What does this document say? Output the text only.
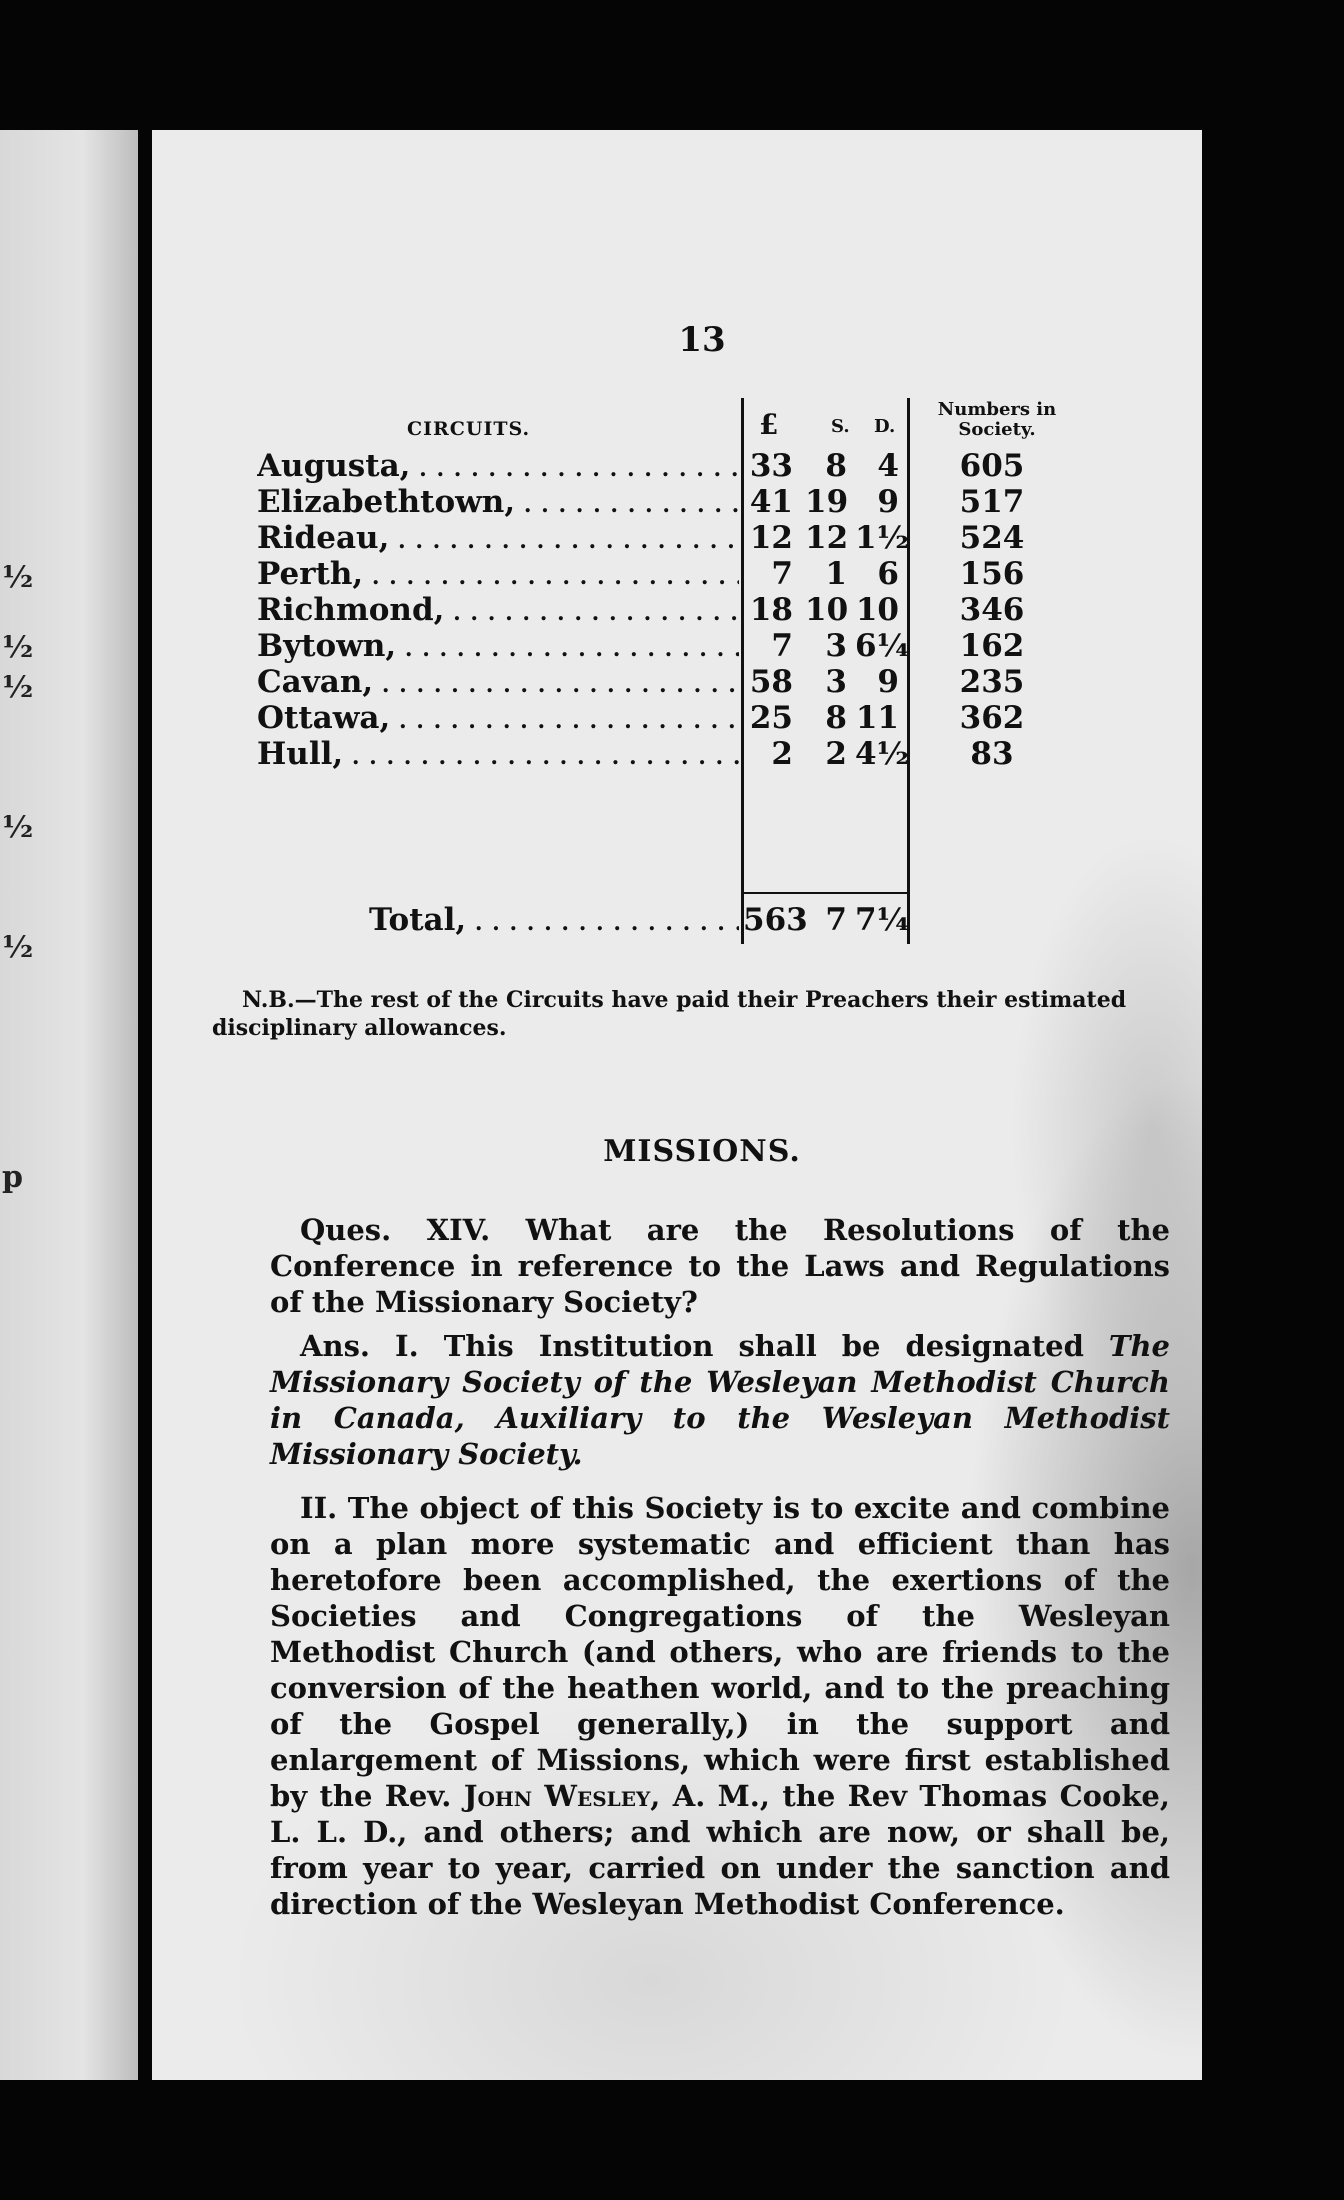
½
½
½
½
½
p
13
CIRCUITS.	£	S. D.
Numbers in
Society.
Augusta, . . .	33	8 4	605
Elizabethtown, . . .	41 19 9	517
Rideau, . . .	12 12 1½	524
Perth, . . .	7	1 6	156
Richmond, . . .	18 10 10	346
Bytown, . . .	7	3 6¼	162
Cavan, . . .	58	3 9	235
Ottawa, . . .	25	8 11	362
Hull, . . .	2	2 4½	83
Total, . . .	563 7 7¼
N.B.—The rest of the Circuits have paid their Preachers their estimated disciplinary allowances.
MISSIONS.
Ques. XIV. What are the Resolutions of the Conference in reference to the Laws and Regulations of the Missionary Society?
Ans. I. This Institution shall be designated The Missionary Society of the Wesleyan Methodist Church in Canada, Auxiliary to the Wesleyan Methodist Missionary Society.
II. The object of this Society is to excite and combine on a plan more systematic and efficient than has heretofore been accomplished, the exertions of the Societies and Congregations of the Wesleyan Methodist Church (and others, who are friends to the conversion of the heathen world, and to the preaching of the Gospel generally,) in the support and enlargement of Missions, which were first established by the Rev. John Wesley, A. M., the Rev Thomas Cooke, L. L. D., and others; and which are now, or shall be, from year to year, carried on under the sanction and direction of the Wesleyan Methodist Conference.
